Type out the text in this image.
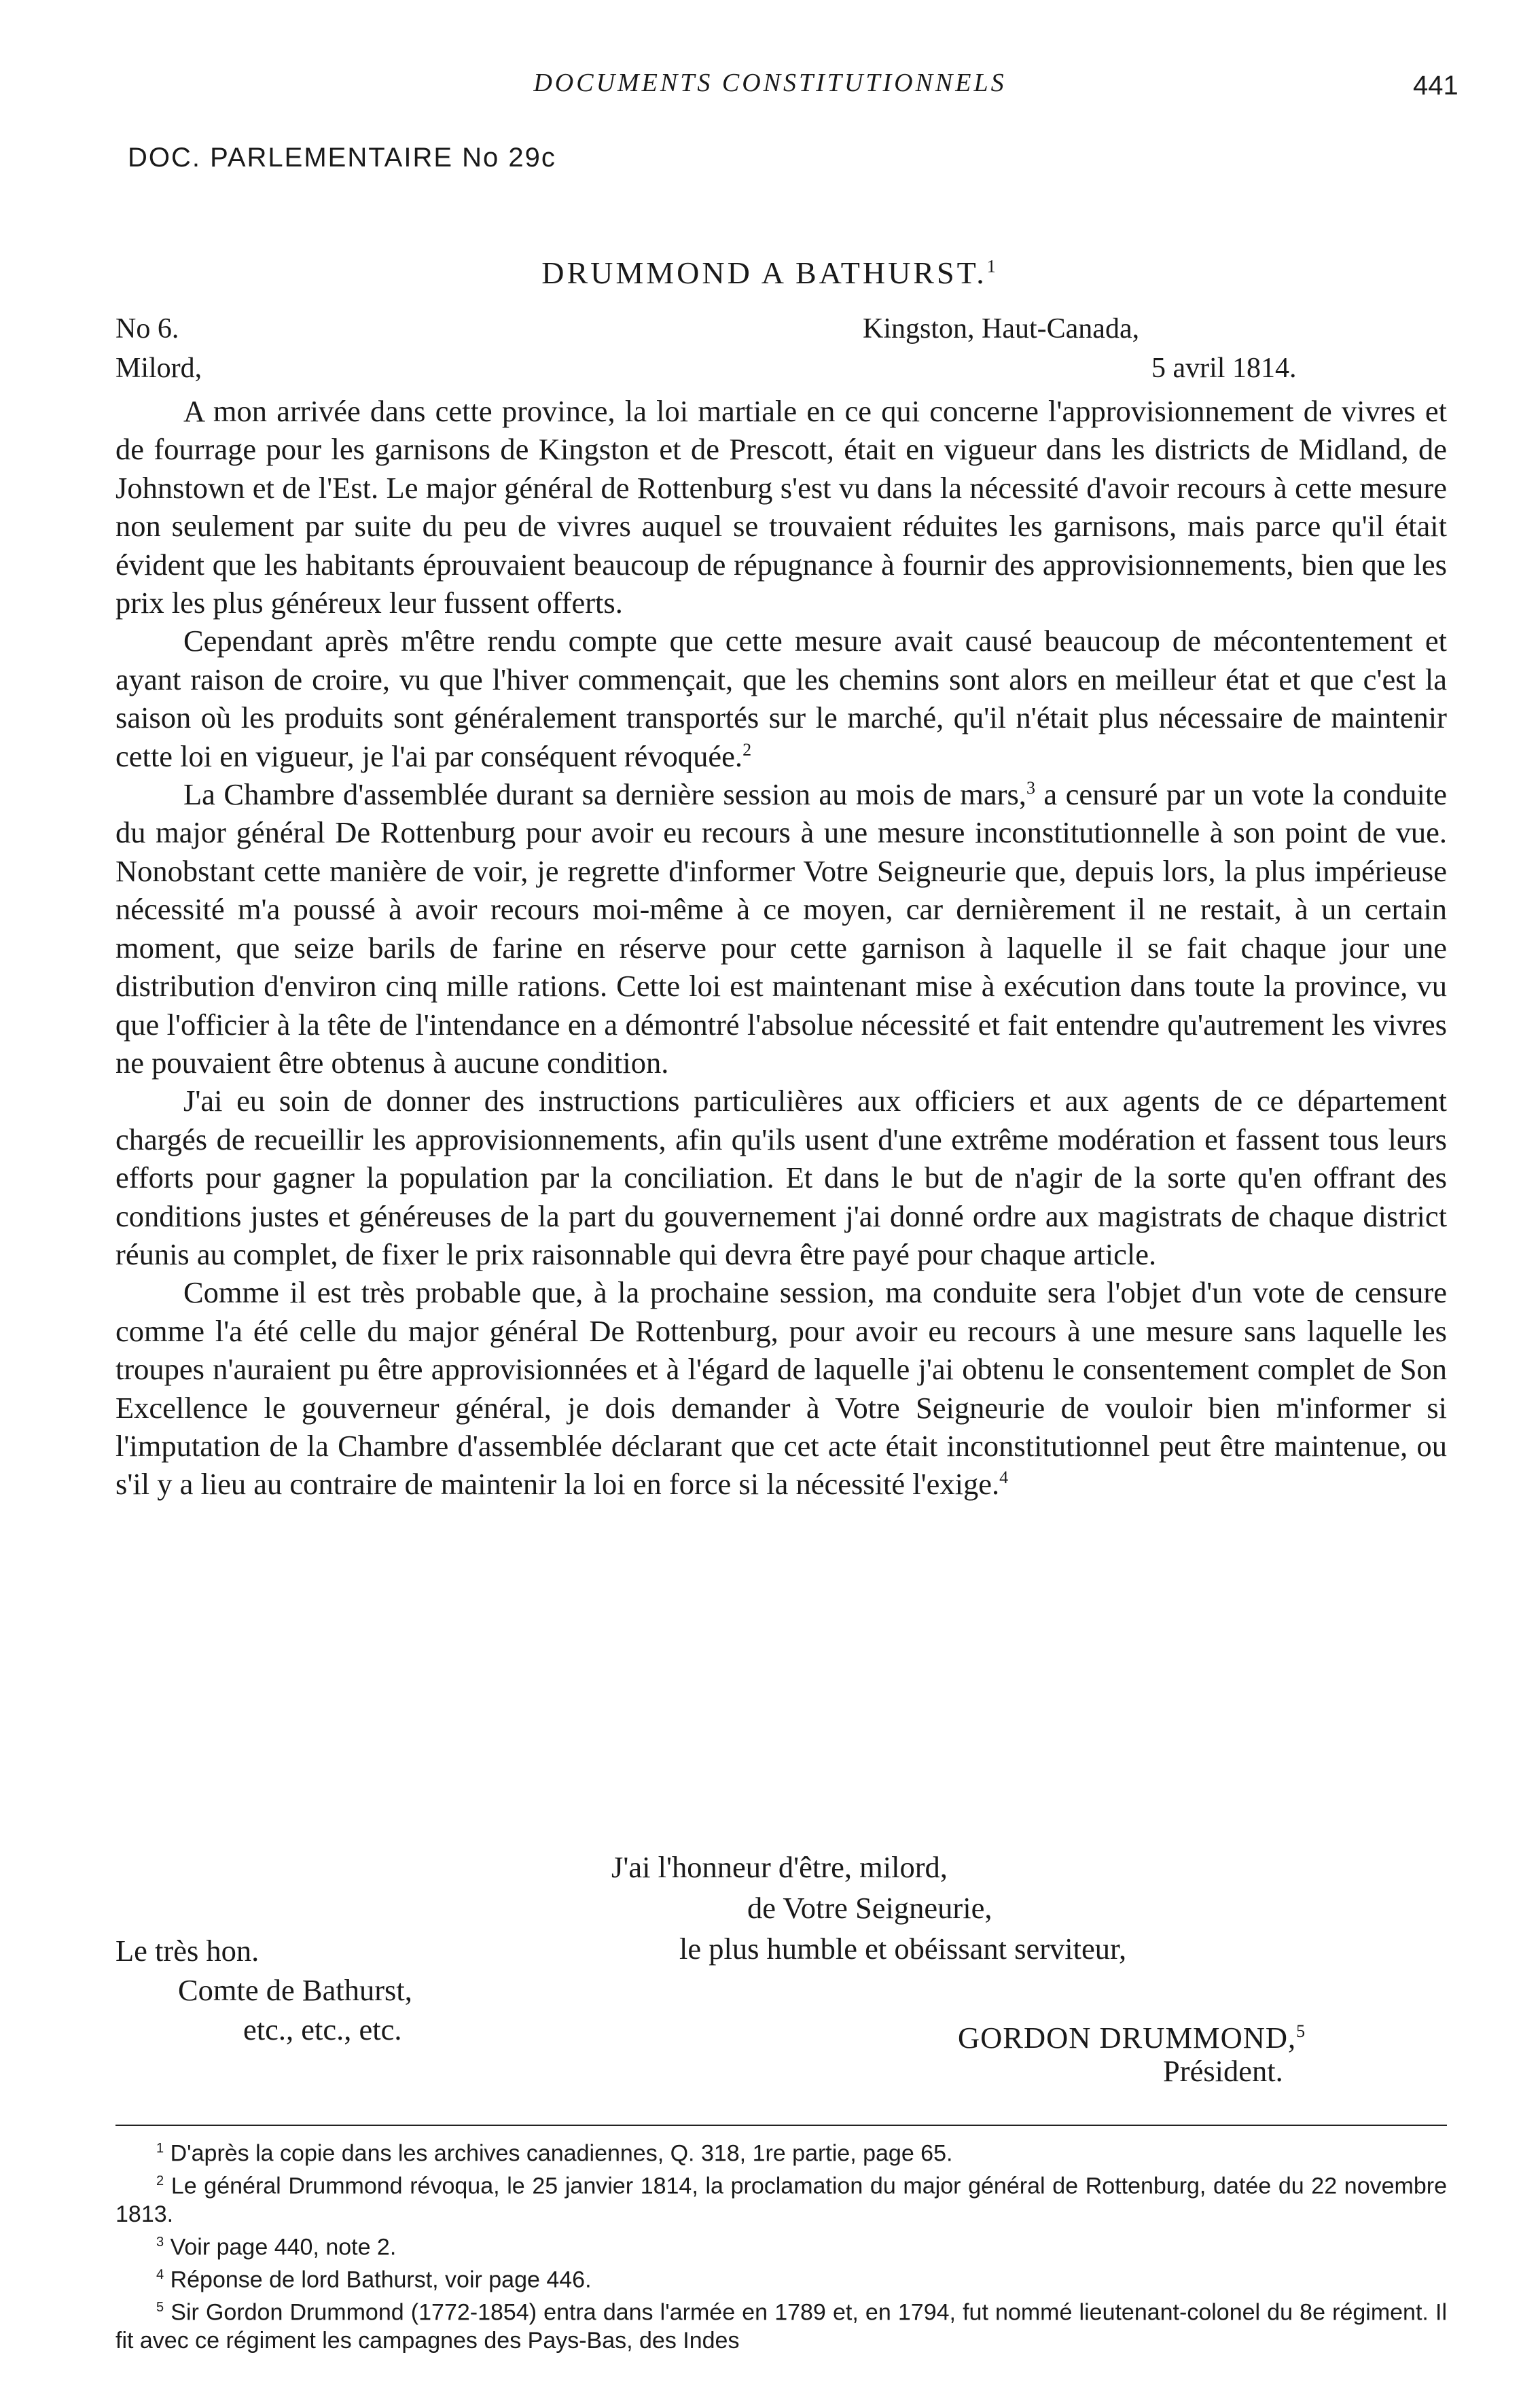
DOCUMENTS CONSTITUTIONNELS	441
DOC. PARLEMENTAIRE No 29c
DRUMMOND A BATHURST.$^1$
No 6.	Kingston, Haut-Canada,
Milord,	5 avril 1814.

A mon arrivée dans cette province, la loi martiale en ce qui concerne l'approvisionnement de vivres et de fourrage pour les garnisons de Kingston et de Prescott, était en vigueur dans les districts de Midland, de Johnstown et de l'Est. Le major général de Rottenburg s'est vu dans la nécessité d'avoir recours à cette mesure non seulement par suite du peu de vivres auquel se trouvaient réduites les garnisons, mais parce qu'il était évident que les habitants éprouvaient beaucoup de répugnance à fournir des approvisionnements, bien que les prix les plus généreux leur fussent offerts.

Cependant après m'être rendu compte que cette mesure avait causé beaucoup de mécontentement et ayant raison de croire, vu que l'hiver commençait, que les chemins sont alors en meilleur état et que c'est la saison où les produits sont généralement transportés sur le marché, qu'il n'était plus nécessaire de maintenir cette loi en vigueur, je l'ai par conséquent révoquée.$^2$

La Chambre d'assemblée durant sa dernière session au mois de mars,$^3$ a censuré par un vote la conduite du major général De Rottenburg pour avoir eu recours à une mesure inconstitutionnelle à son point de vue. Nonobstant cette manière de voir, je regrette d'informer Votre Seigneurie que, depuis lors, la plus impérieuse nécessité m'a poussé à avoir recours moi-même à ce moyen, car dernièrement il ne restait, à un certain moment, que seize barils de farine en réserve pour cette garnison à laquelle il se fait chaque jour une distribution d'environ cinq mille rations. Cette loi est maintenant mise à exécution dans toute la province, vu que l'officier à la tête de l'intendance en a démontré l'absolue nécessité et fait entendre qu'autrement les vivres ne pouvaient être obtenus à aucune condition.

J'ai eu soin de donner des instructions particulières aux officiers et aux agents de ce département chargés de recueillir les approvisionnements, afin qu'ils usent d'une extrême modération et fassent tous leurs efforts pour gagner la population par la conciliation. Et dans le but de n'agir de la sorte qu'en offrant des conditions justes et généreuses de la part du gouvernement j'ai donné ordre aux magistrats de chaque district réunis au complet, de fixer le prix raisonnable qui devra être payé pour chaque article.

Comme il est très probable que, à la prochaine session, ma conduite sera l'objet d'un vote de censure comme l'a été celle du major général De Rottenburg, pour avoir eu recours à une mesure sans laquelle les troupes n'auraient pu être approvisionnées et à l'égard de laquelle j'ai obtenu le consentement complet de Son Excellence le gouverneur général, je dois demander à Votre Seigneurie de vouloir bien m'informer si l'imputation de la Chambre d'assemblée déclarant que cet acte était inconstitutionnel peut être maintenue, ou s'il y a lieu au contraire de maintenir la loi en force si la nécessité l'exige.$^4$

J'ai l'honneur d'être, milord,
de Votre Seigneurie,
le plus humble et obéissant serviteur,
Le très hon.
Comte de Bathurst,
etc., etc., etc.	GORDON DRUMMOND,$^5$
Président.
$^1$ D'après la copie dans les archives canadiennes, Q. 318, 1re partie, page 65.
$^2$ Le général Drummond révoqua, le 25 janvier 1814, la proclamation du major général de Rottenburg, datée du 22 novembre 1813.
$^3$ Voir page 440, note 2.
$^4$ Réponse de lord Bathurst, voir page 446.
$^5$ Sir Gordon Drummond (1772-1854) entra dans l'armée en 1789 et, en 1794, fut nommé lieutenant-colonel du 8e régiment. Il fit avec ce régiment les campagnes des Pays-Bas, des Indes
